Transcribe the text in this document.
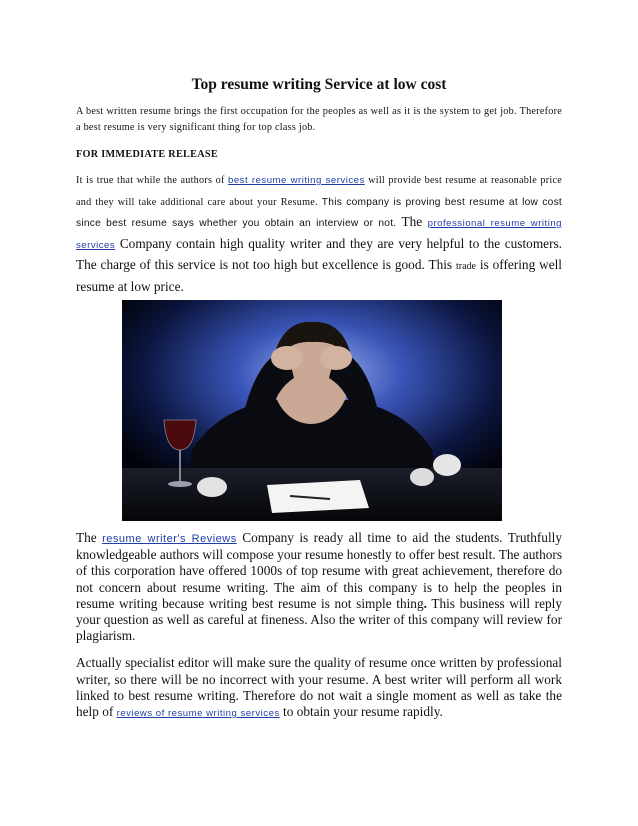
Top resume writing Service at low cost

A best written resume brings the first occupation for the peoples as well as it is the system to get job. Therefore a best resume is very significant thing for top class job.

FOR IMMEDIATE RELEASE

It is true that while the authors of best resume writing services will provide best resume at reasonable price and they will take additional care about your Resume. This company is proving best resume at low cost since best resume says whether you obtain an interview or not. The professional resume writing services Company contain high quality writer and they are very helpful to the customers. The charge of this service is not too high but excellence is good. This trade is offering well resume at low price.

The resume writer's Reviews Company is ready all time to aid the students. Truthfully knowledgeable authors will compose your resume honestly to offer best result. The authors of this corporation have offered 1000s of top resume with great achievement, therefore do not concern about resume writing. The aim of this company is to help the peoples in resume writing because writing best resume is not simple thing. This business will reply your question as well as careful at fineness. Also the writer of this company will review for plagiarism.

Actually specialist editor will make sure the quality of resume once written by professional writer, so there will be no incorrect with your resume. A best writer will perform all work linked to best resume writing. Therefore do not wait a single moment as well as take the help of reviews of resume writing services to obtain your resume rapidly.
